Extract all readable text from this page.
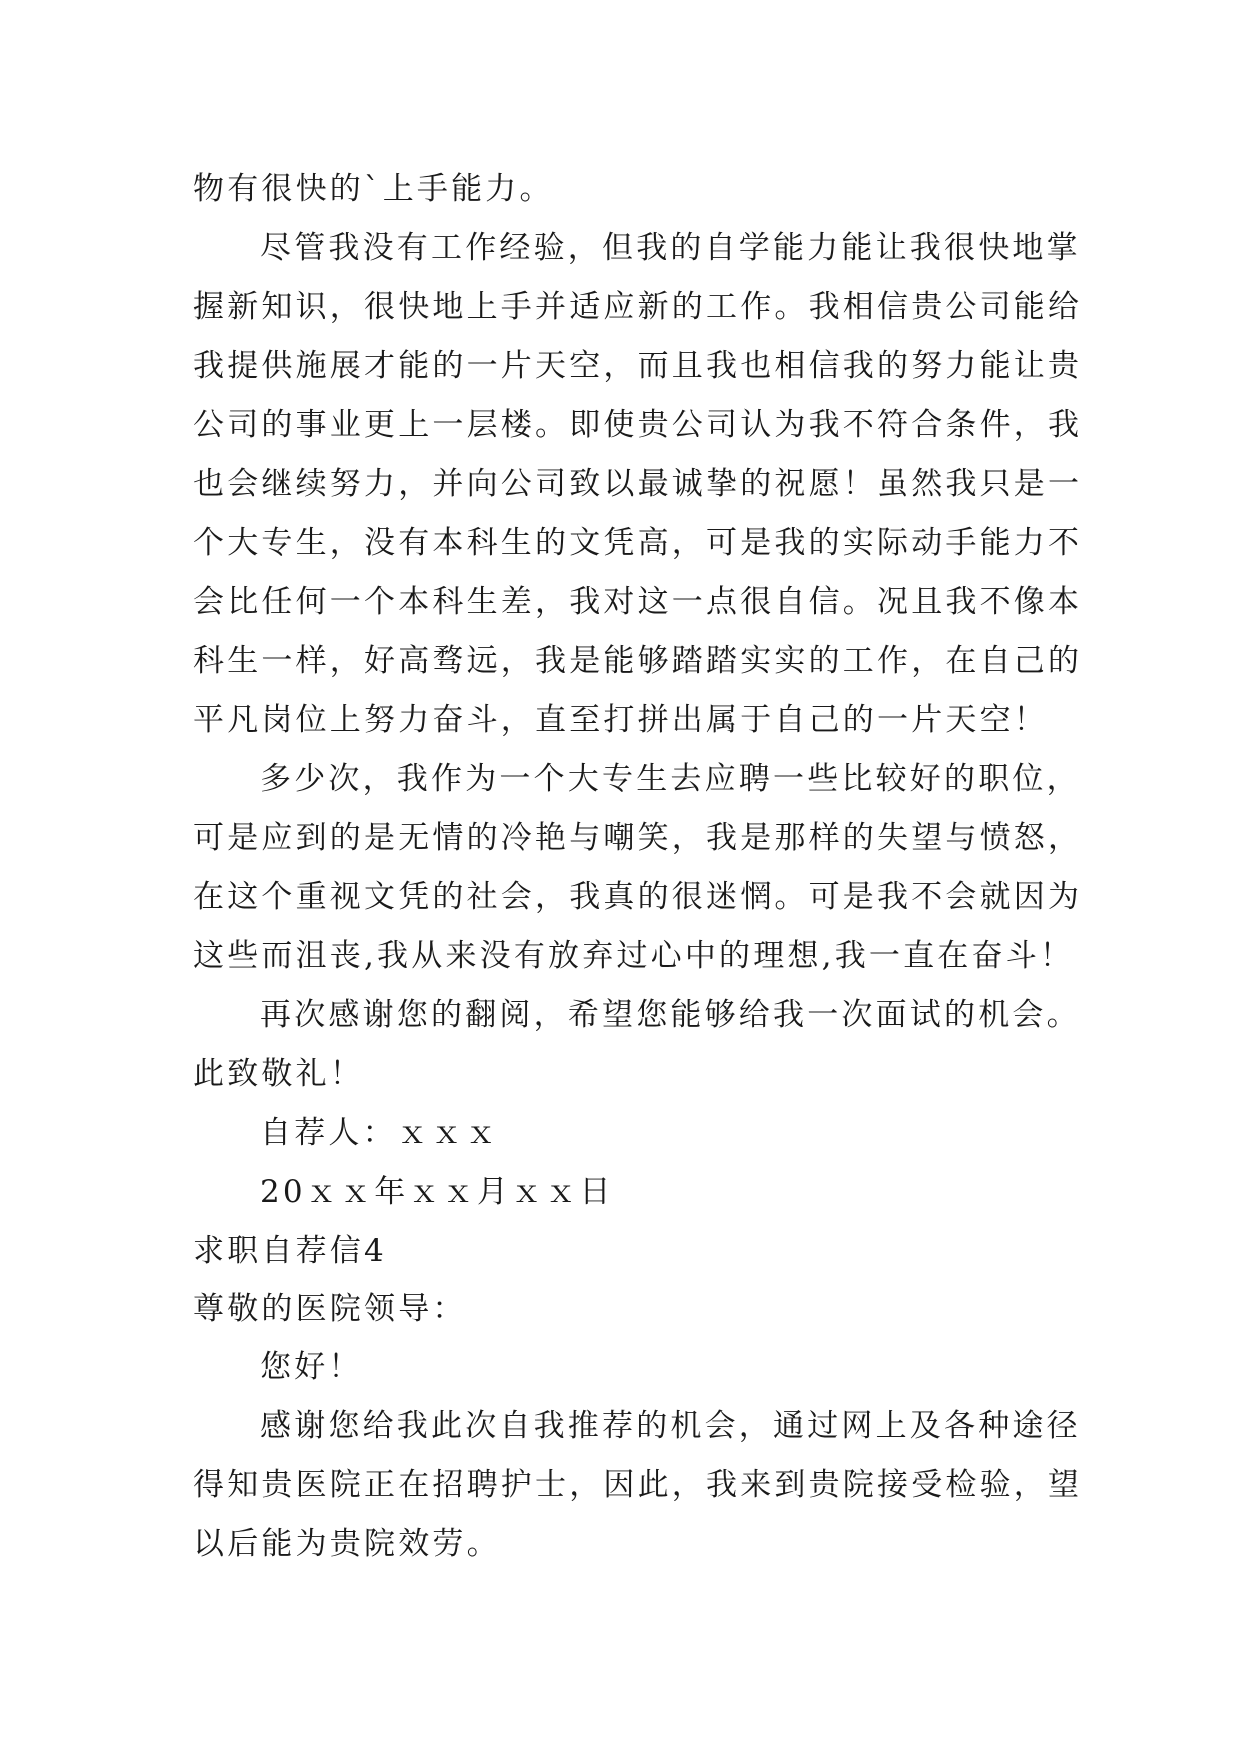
物有很快的`上手能力。
尽管我没有工作经验，但我的自学能力能让我很快地掌
握新知识，很快地上手并适应新的工作。我相信贵公司能给
我提供施展才能的一片天空，而且我也相信我的努力能让贵
公司的事业更上一层楼。即使贵公司认为我不符合条件，我
也会继续努力，并向公司致以最诚挚的祝愿！虽然我只是一
个大专生，没有本科生的文凭高，可是我的实际动手能力不
会比任何一个本科生差，我对这一点很自信。况且我不像本
科生一样，好高骛远，我是能够踏踏实实的工作，在自己的
平凡岗位上努力奋斗，直至打拼出属于自己的一片天空！
多少次，我作为一个大专生去应聘一些比较好的职位，
可是应到的是无情的冷艳与嘲笑，我是那样的失望与愤怒，
在这个重视文凭的社会，我真的很迷惘。可是我不会就因为
这些而沮丧,我从来没有放弃过心中的理想,我一直在奋斗！
再次感谢您的翻阅，希望您能够给我一次面试的机会。
此致敬礼！
自荐人：ｘｘｘ
20ｘｘ年ｘｘ月ｘｘ日
求职自荐信4
尊敬的医院领导：
您好！
感谢您给我此次自我推荐的机会，通过网上及各种途径
得知贵医院正在招聘护士，因此，我来到贵院接受检验，望
以后能为贵院效劳。
